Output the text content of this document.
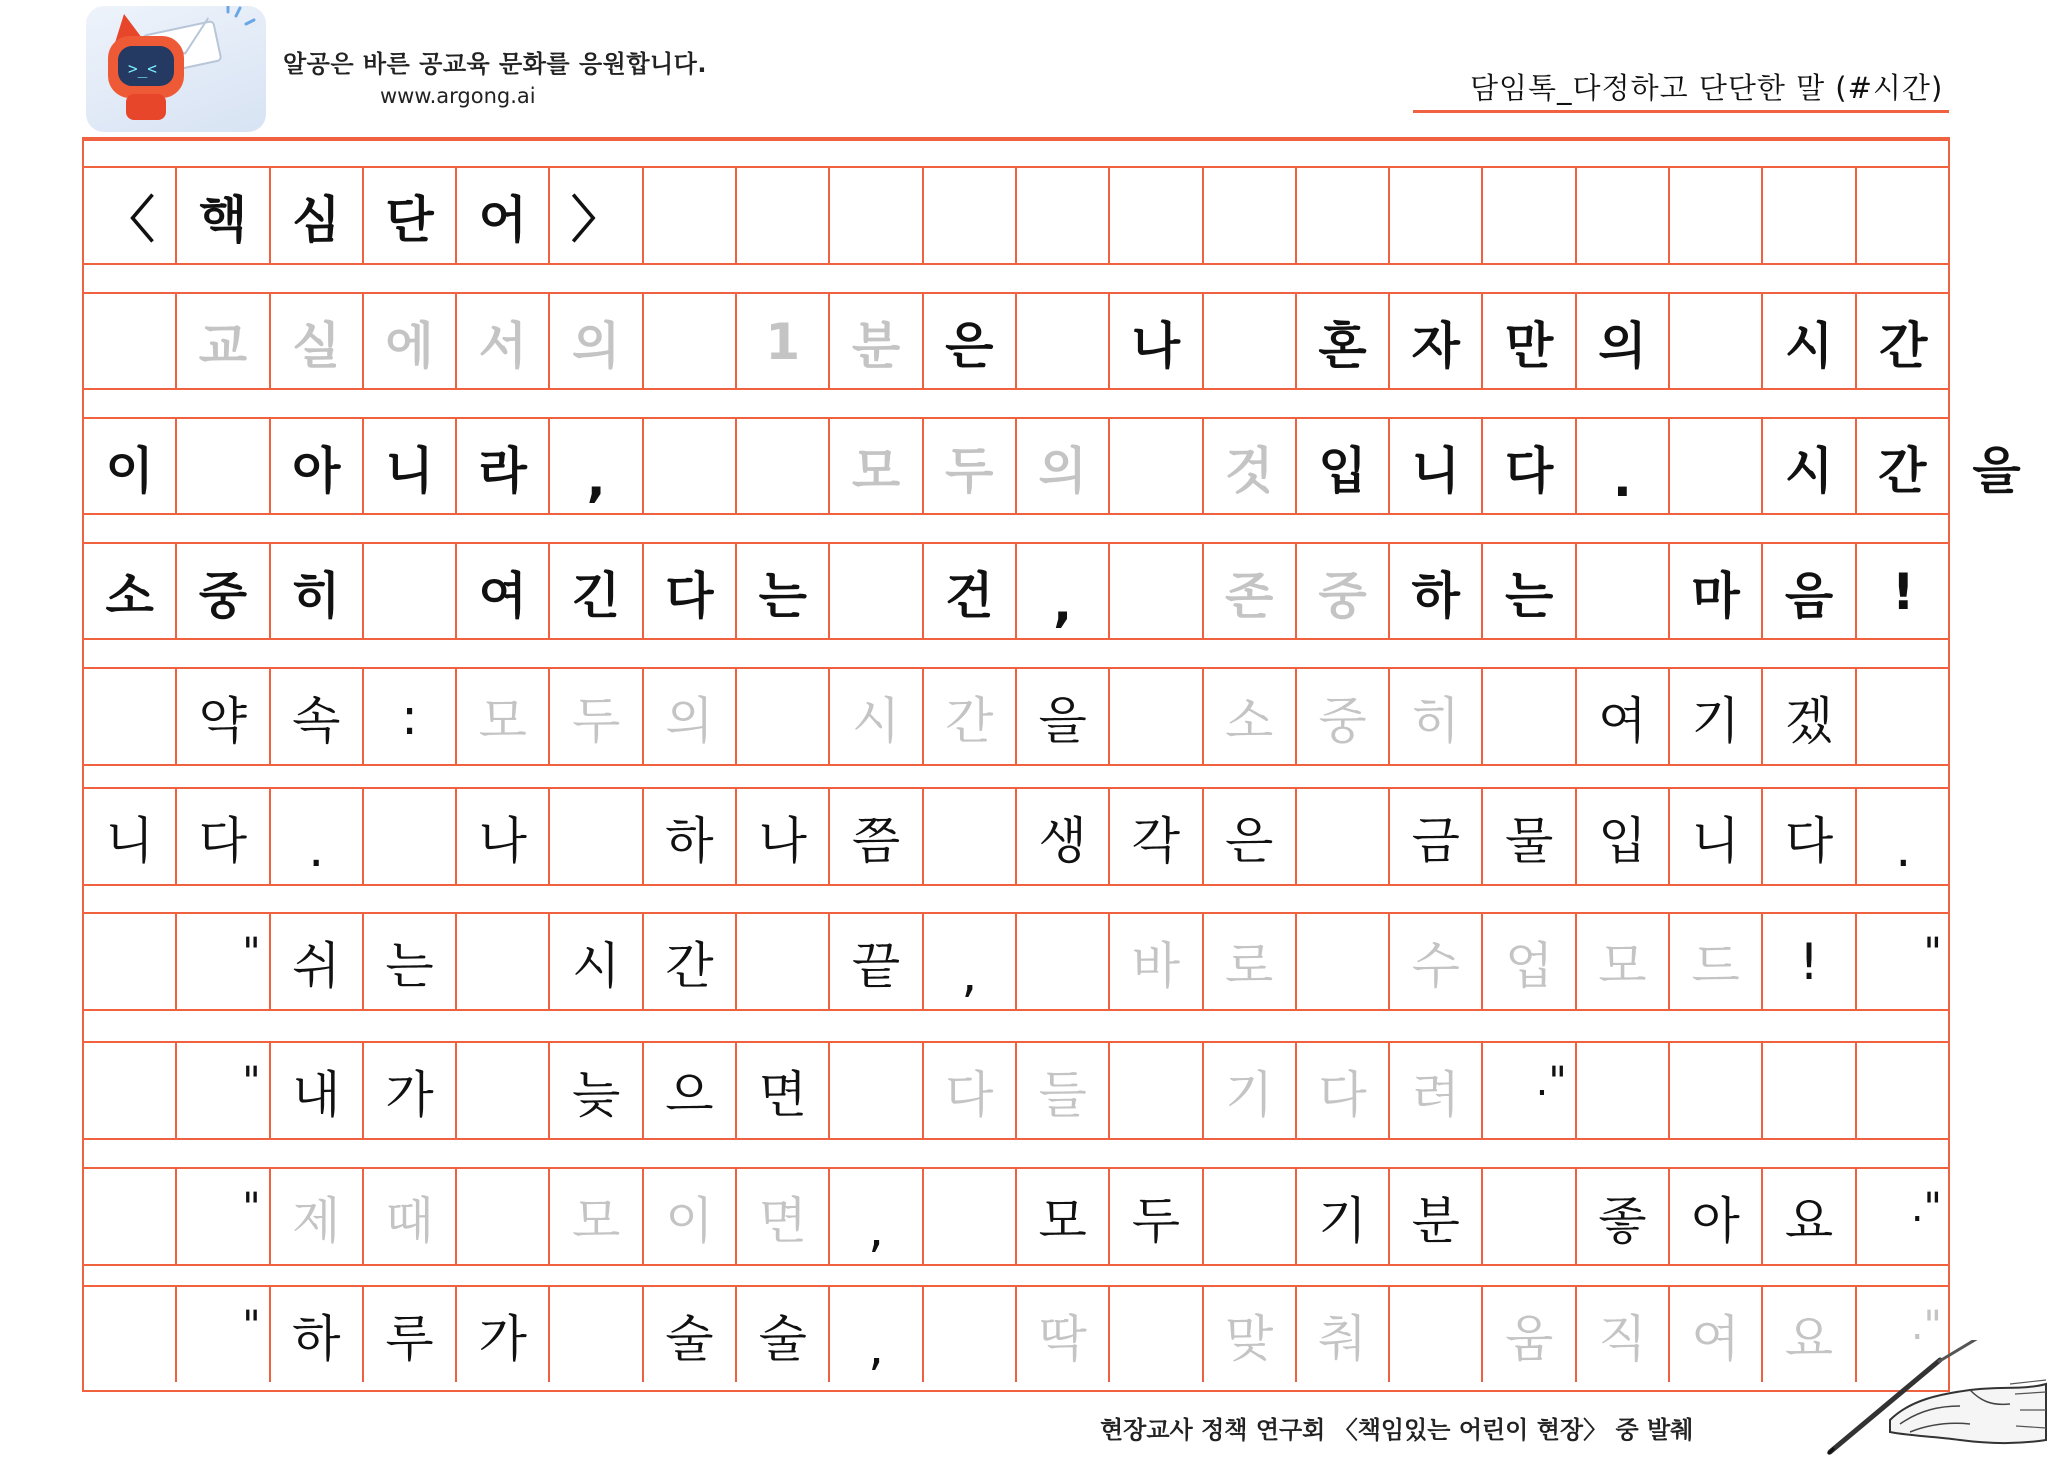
>_<	알공은 바른 공교육 문화를 응원합니다.
www.argong.ai	담임톡_다정하고 단단한 말 (#시간)
〈 핵 심 단 어 〉
교 실 에 서 의	1	분 은	나	혼 자 만 의	시 간
이	아 니 라	,	모 두 의	것 입 니 다	.	시 간 을
소 중 히	여 긴 다 는	건	,	존 중 하 는	마 음	!
약 속	:	모 두 의	시 간 을	소 중 히	여 기 겠
니 다	.	나	하 나 쯤	생 각 은	금 물 입 니 다	.
" 쉬 는	시 간	끝	,	바 로	수 업 모 드	!	"
" 내 가	늦 으 면	다 들	기 다 려	."
" 제 때	모 이 면	,	모 두	기 분	좋 아 요	."
" 하 루 가	술 술	,	딱	맞 춰	움 직 여 요	."
현장교사 정책 연구회 〈책임있는 어린이 현장〉 중 발췌
